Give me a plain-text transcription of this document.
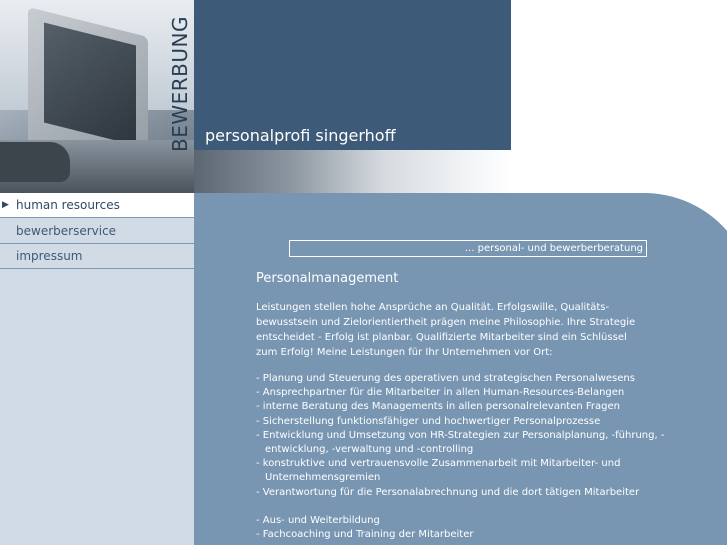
BEWERBUNG personalprofi singerhoff
▶ human resources
bewerberservice
impressum
... personal- und bewerberberatung
Personalmanagement

Leistungen stellen hohe Ansprüche an Qualität. Erfolgswille, Qualitäts-bewusstsein und Zielorientiertheit prägen meine Philosophie. Ihre Strategie entscheidet - Erfolg ist planbar. Qualifizierte Mitarbeiter sind ein Schlüssel zum Erfolg! Meine Leistungen für Ihr Unternehmen vor Ort:

- Planung und Steuerung des operativen und strategischen Personalwesens
- Ansprechpartner für die Mitarbeiter in allen Human-Resources-Belangen
- interne Beratung des Managements in allen personalrelevanten Fragen
- Sicherstellung funktionsfähiger und hochwertiger Personalprozesse
- Entwicklung und Umsetzung von HR-Strategien zur Personalplanung, -führung, -entwicklung, -verwaltung und -controlling
- konstruktive und vertrauensvolle Zusammenarbeit mit Mitarbeiter- und Unternehmensgremien
- Verantwortung für die Personalabrechnung und die dort tätigen Mitarbeiter
- Aus- und Weiterbildung
- Fachcoaching und Training der Mitarbeiter
